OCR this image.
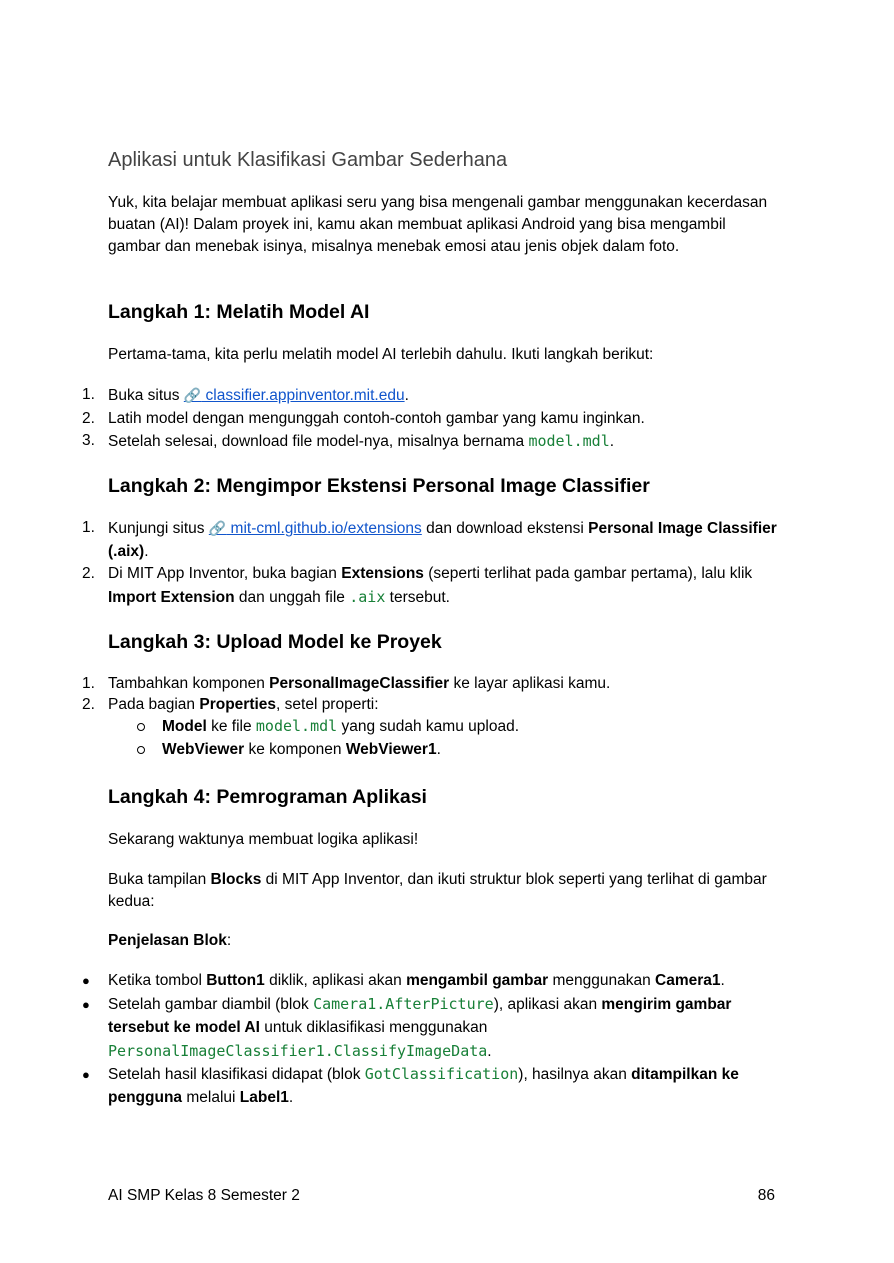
Aplikasi untuk Klasifikasi Gambar Sederhana

Yuk, kita belajar membuat aplikasi seru yang bisa mengenali gambar menggunakan kecerdasan buatan (AI)! Dalam proyek ini, kamu akan membuat aplikasi Android yang bisa mengambil gambar dan menebak isinya, misalnya menebak emosi atau jenis objek dalam foto.

Langkah 1: Melatih Model AI

Pertama-tama, kita perlu melatih model AI terlebih dahulu. Ikuti langkah berikut:

1. Buka situs 🔗 classifier.appinventor.mit.edu.
2. Latih model dengan mengunggah contoh-contoh gambar yang kamu inginkan.
3. Setelah selesai, download file model-nya, misalnya bernama model.mdl.
Langkah 2: Mengimpor Ekstensi Personal Image Classifier
1. Kunjungi situs 🔗 mit-cml.github.io/extensions dan download ekstensi Personal Image Classifier (.aix).
2. Di MIT App Inventor, buka bagian Extensions (seperti terlihat pada gambar pertama), lalu klik Import Extension dan unggah file .aix tersebut.
Langkah 3: Upload Model ke Proyek
1. Tambahkan komponen PersonalImageClassifier ke layar aplikasi kamu.
2. Pada bagian Properties, setel properti:
Model ke file model.mdl yang sudah kamu upload.
WebViewer ke komponen WebViewer1.
Langkah 4: Pemrograman Aplikasi

Sekarang waktunya membuat logika aplikasi!

Buka tampilan Blocks di MIT App Inventor, dan ikuti struktur blok seperti yang terlihat di gambar kedua:

Penjelasan Blok:

● Ketika tombol Button1 diklik, aplikasi akan mengambil gambar menggunakan Camera1.
● Setelah gambar diambil (blok Camera1.AfterPicture), aplikasi akan mengirim gambar tersebut ke model AI untuk diklasifikasi menggunakan PersonalImageClassifier1.ClassifyImageData.
● Setelah hasil klasifikasi didapat (blok GotClassification), hasilnya akan ditampilkan ke pengguna melalui Label1.
AI SMP Kelas 8 Semester 2	86
